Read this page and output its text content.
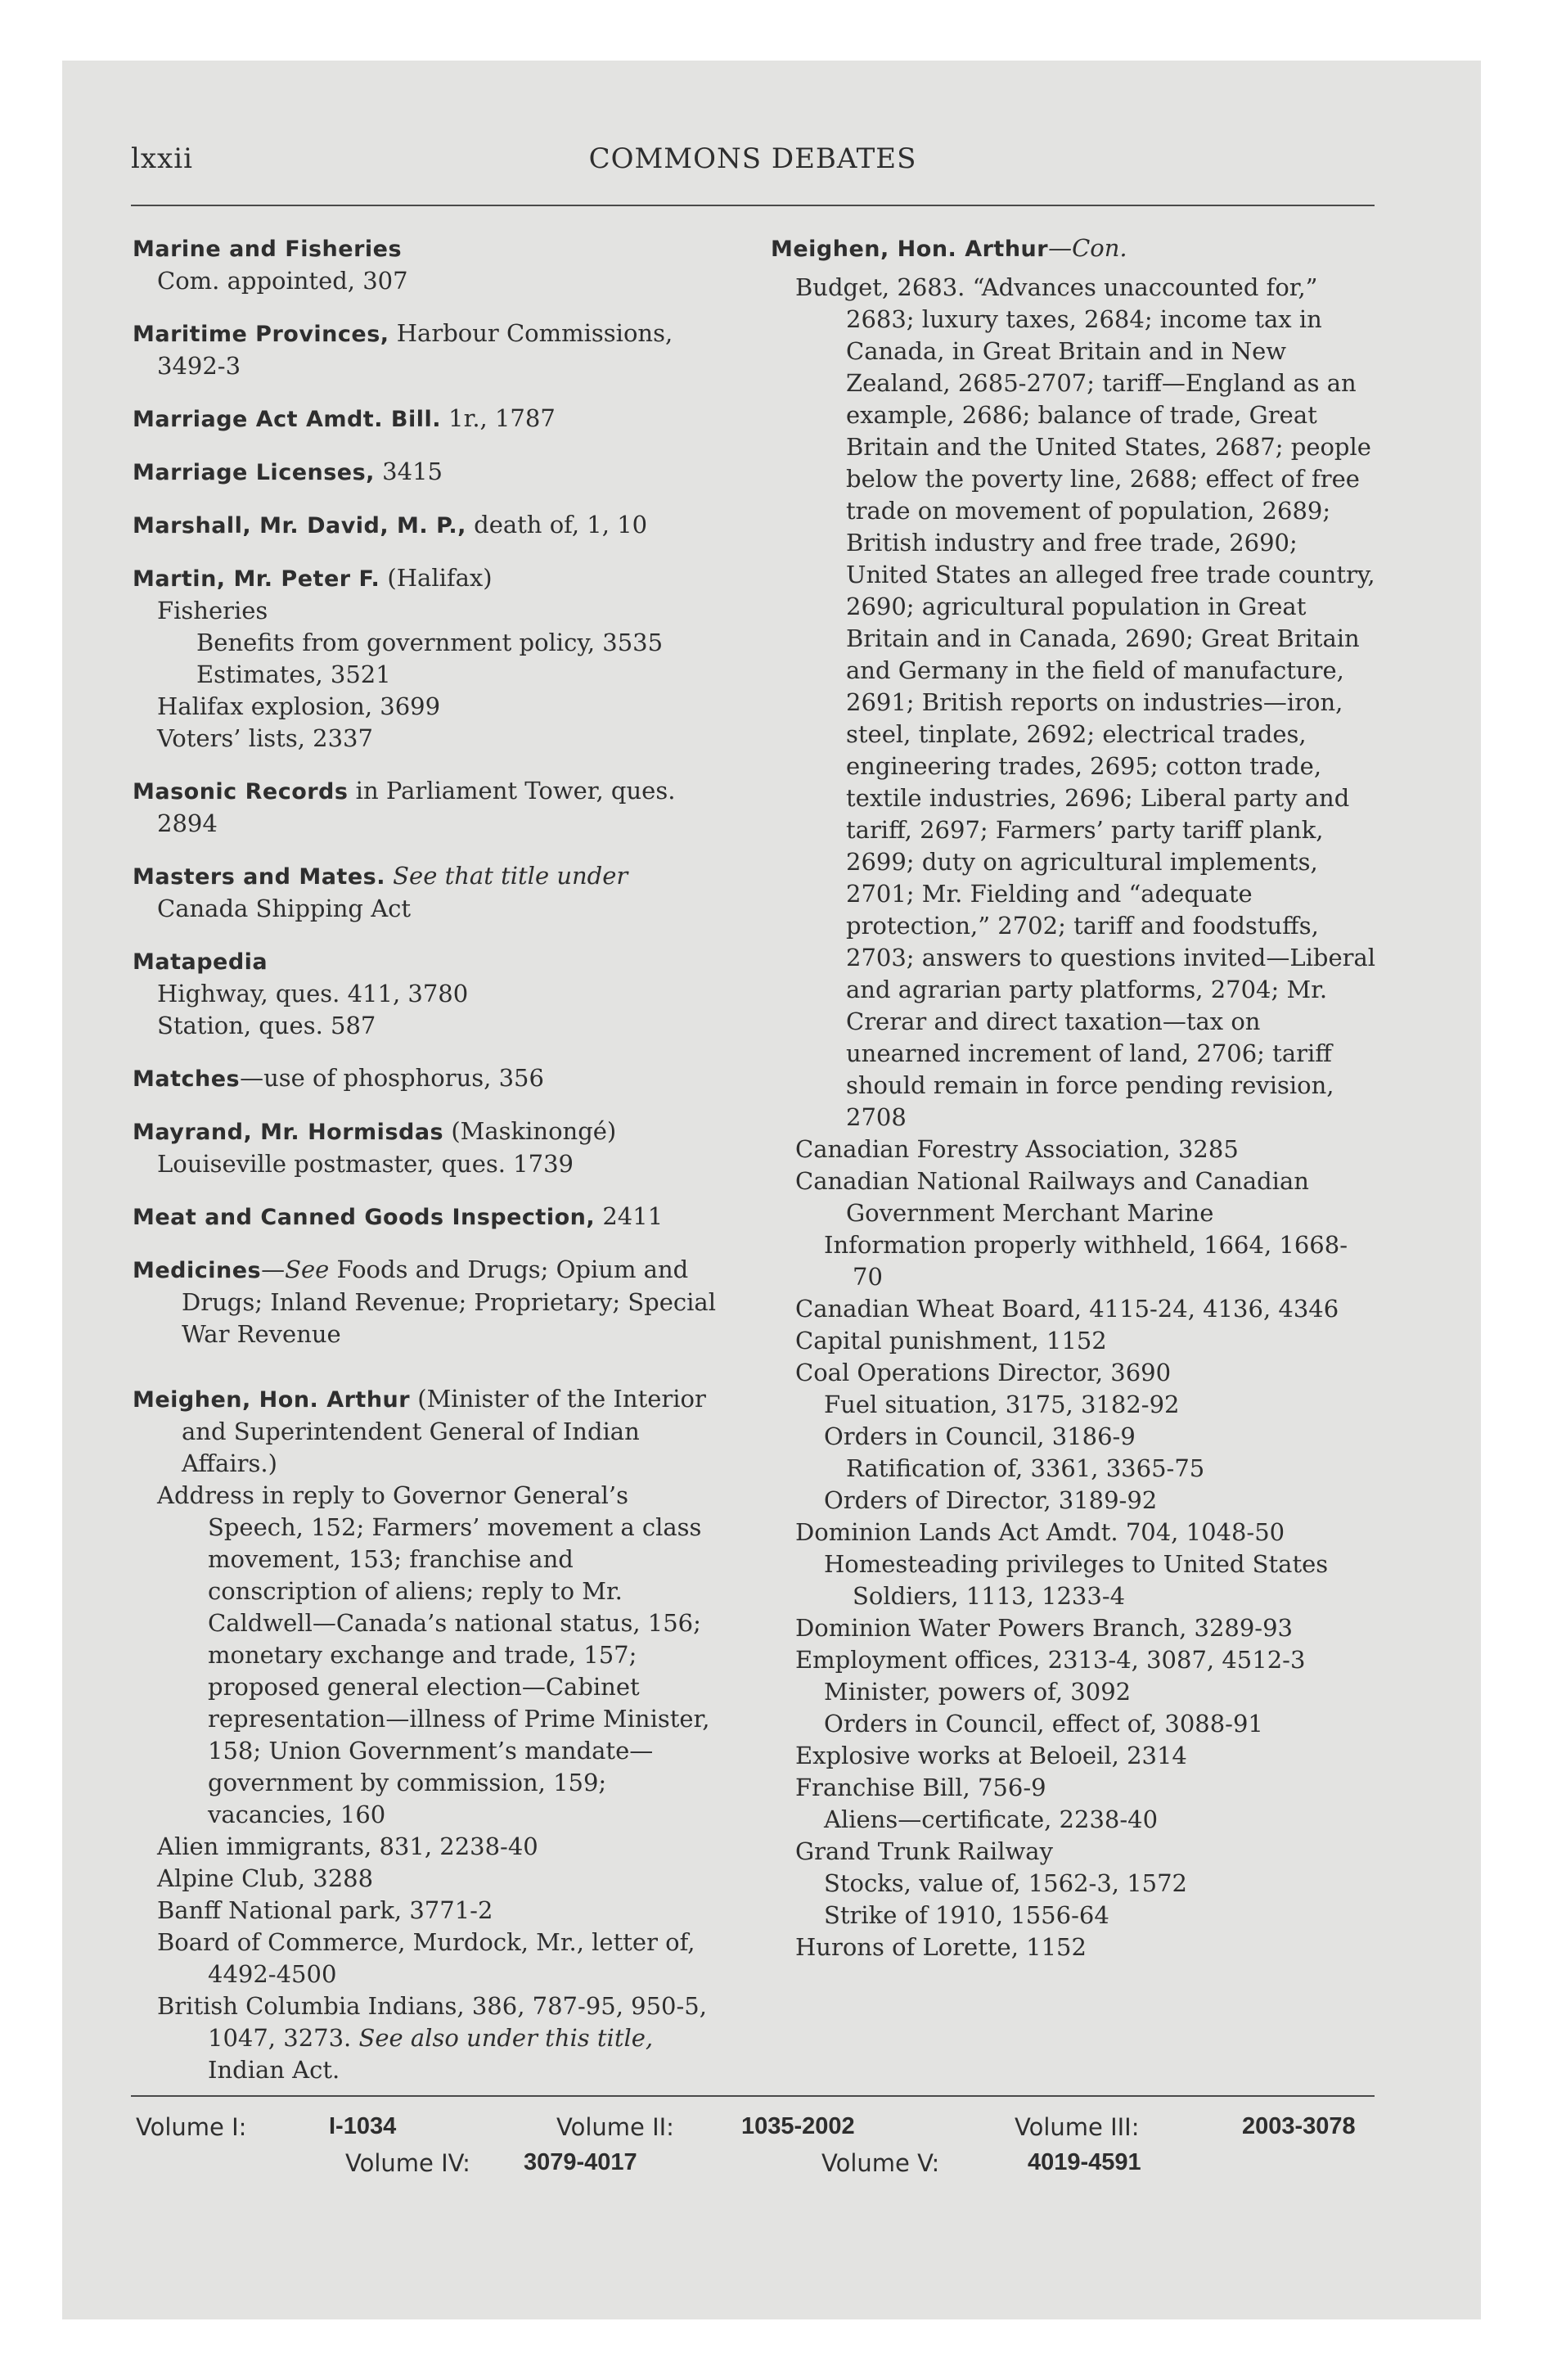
lxxii	COMMONS DEBATES
Marine and Fisheries

Com. appointed, 307

Maritime Provinces, Harbour Commissions,

3492-3

Marriage Act Amdt. Bill. 1r., 1787
Marriage Licenses, 3415
Marshall, Mr. David, M. P., death of, 1, 10
Martin, Mr. Peter F. (Halifax)

Fisheries

Benefits from government policy, 3535

Estimates, 3521

Halifax explosion, 3699

Voters’ lists, 2337

Masonic Records in Parliament Tower, ques.

2894

Masters and Mates. See that title under

Canada Shipping Act

Matapedia

Highway, ques. 411, 3780

Station, ques. 587

Matches—use of phosphorus, 356
Mayrand, Mr. Hormisdas (Maskinongé)

Louiseville postmaster, ques. 1739

Meat and Canned Goods Inspection, 2411
Medicines—See Foods and Drugs; Opium and Drugs; Inland Revenue; Proprietary; Special War Revenue
Meighen, Hon. Arthur (Minister of the Interior and Superintendent General of Indian Affairs.)

Address in reply to Governor General’s Speech, 152; Farmers’ movement a class movement, 153; franchise and conscription of aliens; reply to Mr. Caldwell—Canada’s national status, 156; monetary exchange and trade, 157; proposed general election—Cabinet representation—illness of Prime Minister, 158; Union Government’s mandate—government by commission, 159; vacancies, 160

Alien immigrants, 831, 2238-40

Alpine Club, 3288

Banff National park, 3771-2

Board of Commerce, Murdock, Mr., letter of, 4492-4500

British Columbia Indians, 386, 787-95, 950-5, 1047, 3273. See also under this title, Indian Act.

Meighen, Hon. Arthur—Con.

Budget, 2683. “Advances unaccounted for,” 2683; luxury taxes, 2684; income tax in Canada, in Great Britain and in New Zealand, 2685-2707; tariff—England as an example, 2686; balance of trade, Great Britain and the United States, 2687; people below the poverty line, 2688; effect of free trade on movement of population, 2689; British industry and free trade, 2690; United States an alleged free trade country, 2690; agricultural population in Great Britain and in Canada, 2690; Great Britain and Germany in the field of manufacture, 2691; British reports on industries—iron, steel, tinplate, 2692; electrical trades, engineering trades, 2695; cotton trade, textile industries, 2696; Liberal party and tariff, 2697; Farmers’ party tariff plank, 2699; duty on agricultural implements, 2701; Mr. Fielding and “adequate protection,” 2702; tariff and foodstuffs, 2703; answers to questions invited—Liberal and agrarian party platforms, 2704; Mr. Crerar and direct taxation—tax on unearned increment of land, 2706; tariff should remain in force pending revision, 2708

Canadian Forestry Association, 3285

Canadian National Railways and Canadian Government Merchant Marine

Information properly withheld, 1664, 1668-70

Canadian Wheat Board, 4115-24, 4136, 4346

Capital punishment, 1152

Coal Operations Director, 3690

Fuel situation, 3175, 3182-92

Orders in Council, 3186-9

Ratification of, 3361, 3365-75

Orders of Director, 3189-92

Dominion Lands Act Amdt. 704, 1048-50

Homesteading privileges to United States Soldiers, 1113, 1233-4

Dominion Water Powers Branch, 3289-93

Employment offices, 2313-4, 3087, 4512-3

Minister, powers of, 3092

Orders in Council, effect of, 3088-91

Explosive works at Beloeil, 2314

Franchise Bill, 756-9

Aliens—certificate, 2238-40

Grand Trunk Railway

Stocks, value of, 1562-3, 1572

Strike of 1910, 1556-64

Hurons of Lorette, 1152

Volume I:	I-1034	Volume II:	1035-2002	Volume III:	2003-3078
Volume IV: 3079-4017	Volume V:	4019-4591
